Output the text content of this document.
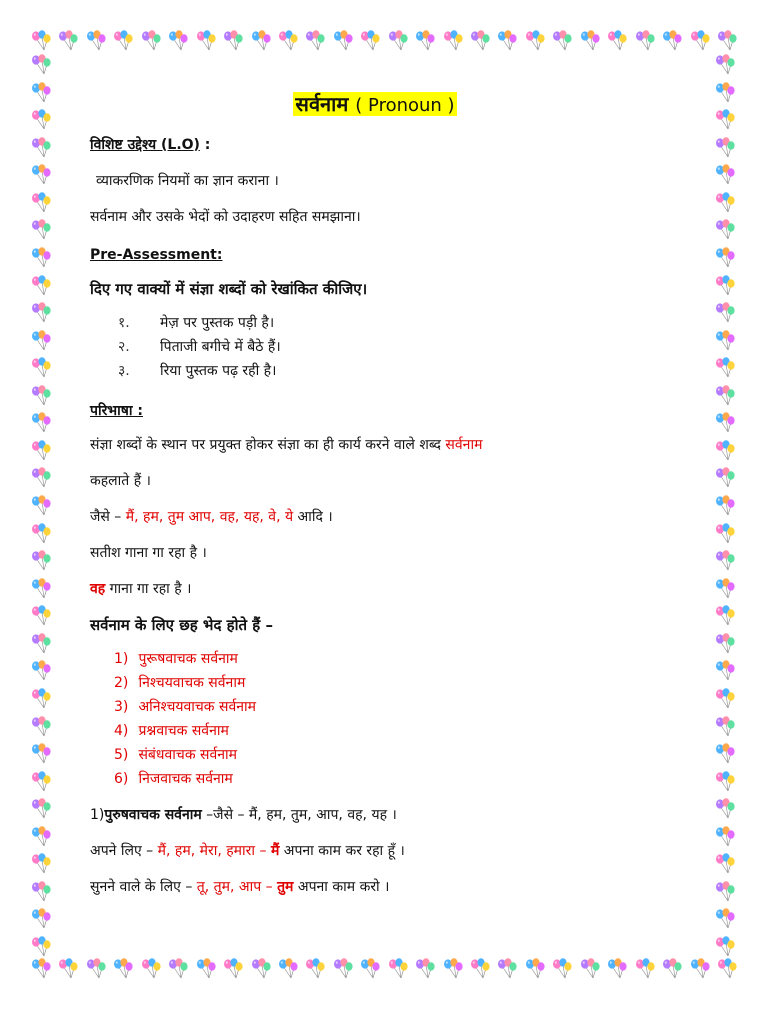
सर्वनाम ( Pronoun )

विशिष्ट उद्देश्य (L.O) :

व्याकरणिक नियमों का ज्ञान कराना ।

सर्वनाम और उसके भेदों को उदाहरण सहित समझाना।

Pre-Assessment:

दिए गए वाक्यों में संज्ञा शब्दों को रेखांकित कीजिए।

१.	मेज़ पर पुस्तक पड़ी है।
२.	पिताजी बगीचे में बैठे हैं।
३.	रिया पुस्तक पढ़ रही है।

परिभाषा :

संज्ञा शब्दों के स्थान पर प्रयुक्त होकर संज्ञा का ही कार्य करने वाले शब्द सर्वनाम

कहलाते हैं ।

जैसे – मैं, हम, तुम आप, वह, यह, वे, ये आदि ।

सतीश गाना गा रहा है ।

वह गाना गा रहा है ।

सर्वनाम के लिए छह भेद होते हैं –

1) पुरूषवाचक सर्वनाम
2) निश्चयवाचक सर्वनाम
3) अनिश्चयवाचक सर्वनाम
4) प्रश्नवाचक सर्वनाम
5) संबंधवाचक सर्वनाम
6) निजवाचक सर्वनाम

1)पुरुषवाचक सर्वनाम –जैसे – मैं, हम, तुम, आप, वह, यह ।

अपने लिए – मैं, हम, मेरा, हमारा – मैं अपना काम कर रहा हूँ ।

सुनने वाले के लिए – तू, तुम, आप – तुम अपना काम करो ।
